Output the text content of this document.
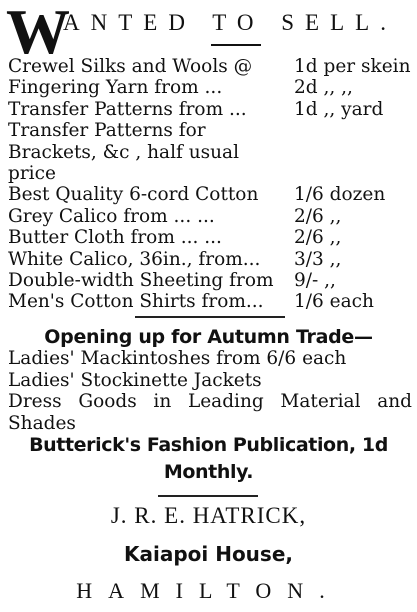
W
ANTED TO SELL.
Crewel Silks and Wools @ 1d per skein
Fingering Yarn from ...	2d ,, ,,
Transfer Patterns from ...	1d ,, yard
Transfer Patterns for Brackets, &c , half usual price
Best Quality 6-cord Cotton 1/6 dozen
Grey Calico from ... ...	2/6 ,,
Butter Cloth from ... ...	2/6 ,,
White Calico, 36in., from... 3/3 ,,
Double-width Sheeting from 9/- ,,
Men's Cotton Shirts from... 1/6 each
Opening up for Autumn Trade—
Ladies' Mackintoshes from 6/6 each
Ladies' Stockinette Jackets
Dress Goods in Leading Material and
Shades
Butterick's Fashion Publication, 1d
Monthly.
J. R. E. HATRICK,
Kaiapoi House,
HAMILTON.
